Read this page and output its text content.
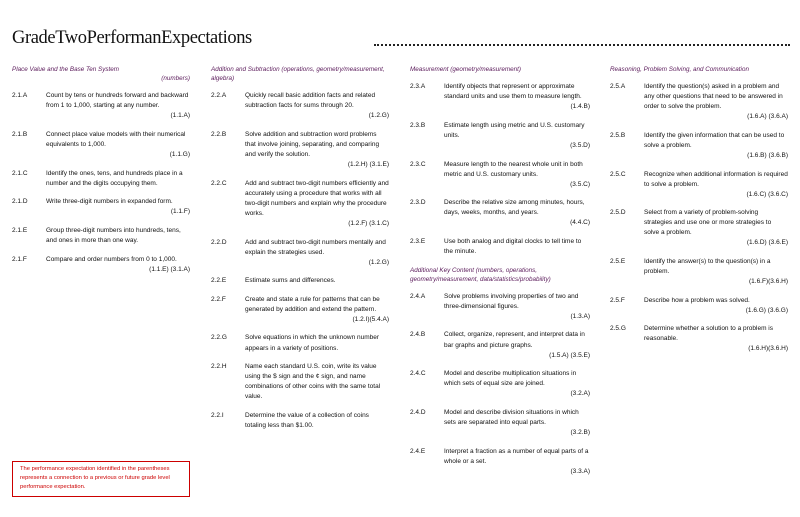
GradeTwoPerformanExpectations
Place Value and the Base Ten System
(numbers)
2.1.A	Count by tens or hundreds forward and backward from 1 to 1,000, starting at any number.
(1.1.A)
2.1.B	Connect place value models with their numerical equivalents to 1,000.
(1.1.G)
2.1.C	Identify the ones, tens, and hundreds place in a number and the digits occupying them.
2.1.D	Write three-digit numbers in expanded form.
(1.1.F)
2.1.E	Group three-digit numbers into hundreds, tens, and ones in more than one way.
2.1.F	Compare and order numbers from 0 to 1,000.
(1.1.E) (3.1.A)
Addition and Subtraction (operations, geometry/measurement, algebra)
2.2.A	Quickly recall basic addition facts and related subtraction facts for sums through 20.
(1.2.G)
2.2.B	Solve addition and subtraction word problems that involve joining, separating, and comparing and verify the solution.
(1.2.H) (3.1.E)
2.2.C	Add and subtract two-digit numbers efficiently and accurately using a procedure that works with all two-digit numbers and explain why the procedure works.
(1.2.F) (3.1.C)
2.2.D	Add and subtract two-digit numbers mentally and explain the strategies used.
(1.2.G)
2.2.E	Estimate sums and differences.
2.2.F	Create and state a rule for patterns that can be generated by addition and extend the pattern.
(1.2.I)(5.4.A)
2.2.G	Solve equations in which the unknown number appears in a variety of positions.
2.2.H	Name each standard U.S. coin, write its value using the $ sign and the ¢ sign, and name combinations of other coins with the same total value.
2.2.I	Determine the value of a collection of coins totaling less than $1.00.
Measurement (geometry/measurement)
2.3.A	Identify objects that represent or approximate standard units and use them to measure length.
(1.4.B)
2.3.B	Estimate length using metric and U.S. customary units.
(3.5.D)
2.3.C	Measure length to the nearest whole unit in both metric and U.S. customary units.
(3.5.C)
2.3.D	Describe the relative size among minutes, hours, days, weeks, months, and years.
(4.4.C)
2.3.E	Use both analog and digital clocks to tell time to the minute.
Additional Key Content (numbers, operations, geometry/measurement, data/statistics/probability)
2.4.A	Solve problems involving properties of two and three-dimensional figures.
(1.3.A)
2.4.B	Collect, organize, represent, and interpret data in bar graphs and picture graphs.
(1.5.A) (3.5.E)
2.4.C	Model and describe multiplication situations in which sets of equal size are joined.
(3.2.A)
2.4.D	Model and describe division situations in which sets are separated into equal parts.
(3.2.B)
2.4.E	Interpret a fraction as a number of equal parts of a whole or a set.
(3.3.A)
Reasoning, Problem Solving, and Communication
2.5.A	Identify the question(s) asked in a problem and any other questions that need to be answered in order to solve the problem.
(1.6.A) (3.6.A)
2.5.B	Identify the given information that can be used to solve a problem.
(1.6.B) (3.6.B)
2.5.C	Recognize when additional information is required to solve a problem.
(1.6.C) (3.6.C)
2.5.D	Select from a variety of problem-solving strategies and use one or more strategies to solve a problem.
(1.6.D) (3.6.E)
2.5.E	Identify the answer(s) to the question(s) in a problem.
(1.6.F)(3.6.H)
2.5.F	Describe how a problem was solved.
(1.6.G) (3.6.G)
2.5.G	Determine whether a solution to a problem is reasonable.
(1.6.H)(3.6.H)
The performance expectation identified in the parentheses represents a connection to a previous or future grade level performance expectation.
